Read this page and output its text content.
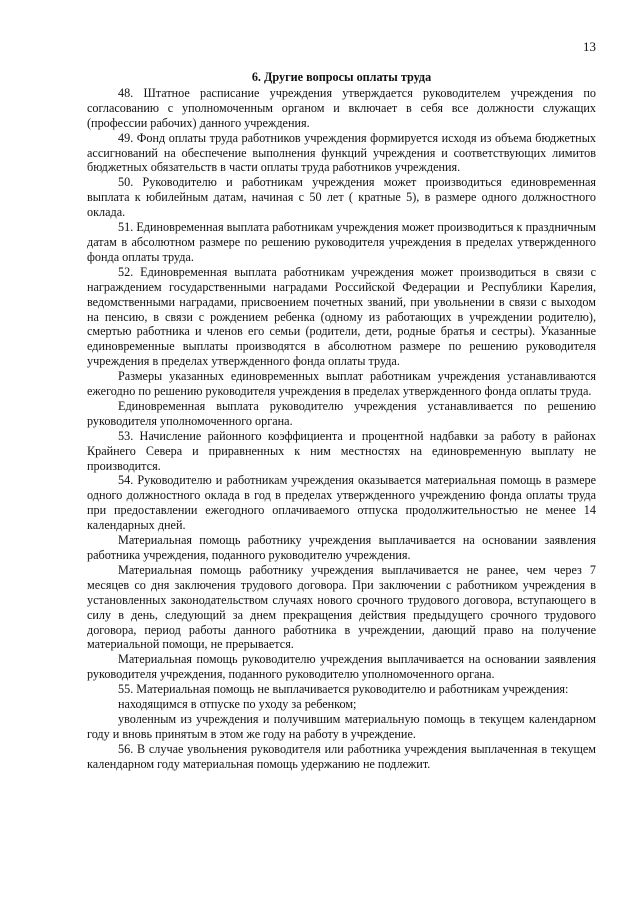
13
6. Другие вопросы оплаты труда

48. Штатное расписание учреждения утверждается руководителем учреждения по согласованию с уполномоченным органом и включает в себя все должности служащих (профессии рабочих) данного учреждения.

49. Фонд оплаты труда работников учреждения формируется исходя из объема бюджетных ассигнований на обеспечение выполнения функций учреждения и соответствующих лимитов бюджетных обязательств в части оплаты труда работников учреждения.

50. Руководителю и работникам учреждения может производиться единовременная выплата к юбилейным датам, начиная с 50 лет ( кратные 5), в размере одного должностного оклада.

51. Единовременная выплата работникам учреждения может производиться к праздничным датам в абсолютном размере по решению руководителя учреждения в пределах утвержденного фонда оплаты труда.

52. Единовременная выплата работникам учреждения может производиться в связи с награждением государственными наградами Российской Федерации и Республики Карелия, ведомственными наградами, присвоением почетных званий, при увольнении в связи с выходом на пенсию, в связи с рождением ребенка (одному из работающих в учреждении родителю), смертью работника и членов его семьи (родители, дети, родные братья и сестры). Указанные единовременные выплаты производятся в абсолютном размере по решению руководителя учреждения в пределах утвержденного фонда оплаты труда.

Размеры указанных единовременных выплат работникам учреждения устанавливаются ежегодно по решению руководителя учреждения в пределах утвержденного фонда оплаты труда.

Единовременная выплата руководителю учреждения устанавливается по решению руководителя уполномоченного органа.

53. Начисление районного коэффициента и процентной надбавки за работу в районах Крайнего Севера и приравненных к ним местностях на единовременную выплату не производится.

54. Руководителю и работникам учреждения оказывается материальная помощь в размере одного должностного оклада в год в пределах утвержденного учреждению фонда оплаты труда при предоставлении ежегодного оплачиваемого отпуска продолжительностью не менее 14 календарных дней.

Материальная помощь работнику учреждения выплачивается на основании заявления работника учреждения, поданного руководителю учреждения.

Материальная помощь работнику учреждения выплачивается не ранее, чем через 7 месяцев со дня заключения трудового договора. При заключении с работником учреждения в установленных законодательством случаях нового срочного трудового договора, вступающего в силу в день, следующий за днем прекращения действия предыдущего срочного трудового договора, период работы данного работника в учреждении, дающий право на получение материальной помощи, не прерывается.

Материальная помощь руководителю учреждения выплачивается на основании заявления руководителя учреждения, поданного руководителю уполномоченного органа.

55. Материальная помощь не выплачивается руководителю и работникам учреждения:

находящимся в отпуске по уходу за ребенком;

уволенным из учреждения и получившим материальную помощь в текущем календарном году и вновь принятым в этом же году на работу в учреждение.

56. В случае увольнения руководителя или работника учреждения выплаченная в текущем календарном году материальная помощь удержанию не подлежит.
